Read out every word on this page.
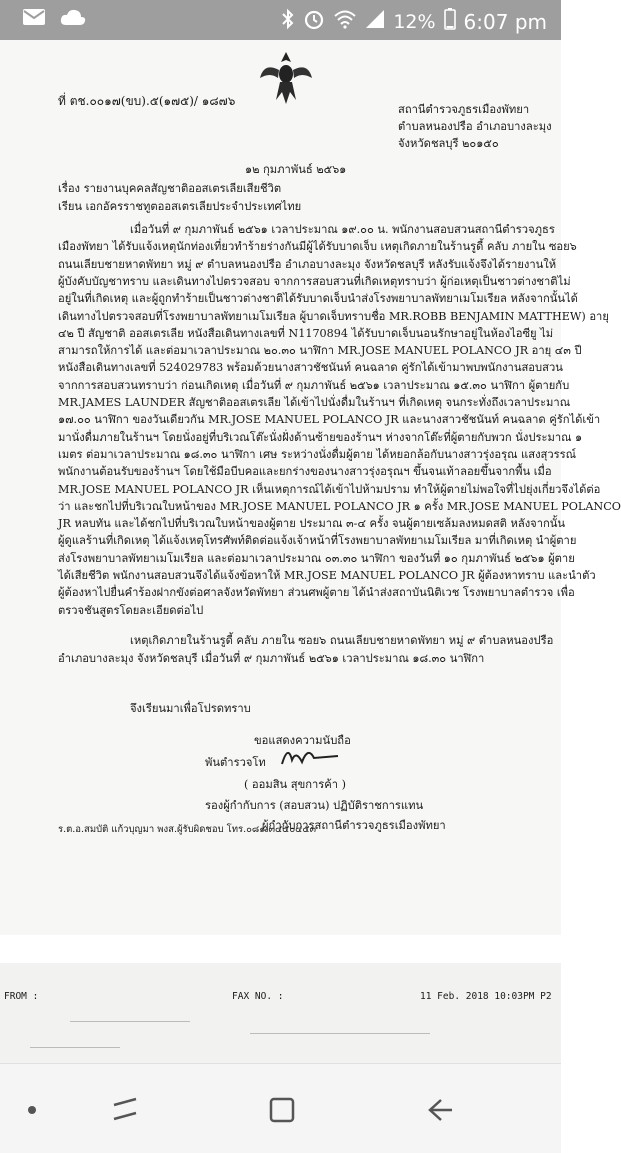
12% 6:07 pm
ที่ ตช.๐๐๑๗(ขบ).๕(๑๗๕)/ ๑๘๗๖
สถานีตำรวจภูธรเมืองพัทยา
ตำบลหนองปรือ อำเภอบางละมุง
จังหวัดชลบุรี ๒๐๑๕๐
๑๒ กุมภาพันธ์ ๒๕๖๑
เรื่อง รายงานบุคคลสัญชาติออสเตรเลียเสียชีวิต
เรียน เอกอัครราชทูตออสเตรเลียประจำประเทศไทย
เมื่อวันที่ ๙ กุมภาพันธ์ ๒๕๖๑ เวลาประมาณ ๑๙.๐๐ น. พนักงานสอบสวนสถานีตำรวจภูธร
เมืองพัทยา ได้รับแจ้งเหตุนักท่องเที่ยวทำร้ายร่างกันมีผู้ได้รับบาดเจ็บ เหตุเกิดภายในร้านรูดี้ คลับ ภายใน ซอย๖
ถนนเลียบชายหาดพัทยา หมู่ ๙ ตำบลหนองปรือ อำเภอบางละมุง จังหวัดชลบุรี หลังรับแจ้งจึงได้รายงานให้
ผู้บังคับบัญชาทราบ และเดินทางไปตรวจสอบ จากการสอบสวนที่เกิดเหตุทราบว่า ผู้ก่อเหตุเป็นชาวต่างชาติไม่
อยู่ในที่เกิดเหตุ และผู้ถูกทำร้ายเป็นชาวต่างชาติได้รับบาดเจ็บนำส่งโรงพยาบาลพัทยาเมโมเรียล หลังจากนั้นได้
เดินทางไปตรวจสอบที่โรงพยาบาลพัทยาเมโมเรียล ผู้บาดเจ็บทราบชื่อ MR.ROBB BENJAMIN MATTHEW) อายุ
๔๒ ปี สัญชาติ ออสเตรเลีย หนังสือเดินทางเลขที่ N1170894 ได้รับบาดเจ็บนอนรักษาอยู่ในห้องไอซียู ไม่
สามารถให้การได้ และต่อมาเวลาประมาณ ๒๐.๓๐ นาฬิกา MR.JOSE MANUEL POLANCO JR อายุ ๔๓ ปี
หนังสือเดินทางเลขที่ 524029783 พร้อมด้วยนางสาวชัชนันท์ คนฉลาด คู่รักได้เข้ามาพบพนักงานสอบสวน
จากการสอบสวนทราบว่า ก่อนเกิดเหตุ เมื่อวันที่ ๙ กุมภาพันธ์ ๒๕๖๑ เวลาประมาณ ๑๕.๓๐ นาฬิกา ผู้ตายกับ
MR.JAMES LAUNDER สัญชาติออสเตรเลีย ได้เข้าไปนั่งดื่มในร้านฯ ที่เกิดเหตุ จนกระทั่งถึงเวลาประมาณ
๑๗.๐๐ นาฬิกา ของวันเดียวกัน MR.JOSE MANUEL POLANCO JR และนางสาวชัชนันท์ คนฉลาด คู่รักได้เข้า
มานั่งดื่มภายในร้านฯ โดยนั่งอยู่ที่บริเวณโต๊ะนั่งฝั่งด้านซ้ายของร้านฯ ห่างจากโต๊ะที่ผู้ตายกับพวก นั่งประมาณ ๑
เมตร ต่อมาเวลาประมาณ ๑๘.๓๐ นาฬิกา เศษ ระหว่างนั่งดื่มผู้ตาย ได้หยอกล้อกับนางสาวรุ่งอรุณ แสงสุวรรณ์
พนักงานต้อนรับของร้านฯ โดยใช้มือบีบคอและยกร่างของนางสาวรุ่งอรุณฯ ขึ้นจนเท้าลอยขึ้นจากพื้น เมื่อ
MR.JOSE MANUEL POLANCO JR เห็นเหตุการณ์ได้เข้าไปห้ามปราม ทำให้ผู้ตายไม่พอใจที่ไปยุ่งเกี่ยวจึงได้ต่อ
ว่า และชกไปที่บริเวณใบหน้าของ MR.JOSE MANUEL POLANCO JR ๑ ครั้ง MR.JOSE MANUEL POLANCO
JR หลบทัน และได้ชกไปที่บริเวณใบหน้าของผู้ตาย ประมาณ ๓-๔ ครั้ง จนผู้ตายเซล้มลงหมดสติ หลังจากนั้น
ผู้ดูแลร้านที่เกิดเหตุ ได้แจ้งเหตุโทรศัพท์ติดต่อแจ้งเจ้าหน้าที่โรงพยาบาลพัทยาเมโมเรียล มาที่เกิดเหตุ นำผู้ตาย
ส่งโรงพยาบาลพัทยาเมโมเรียล และต่อมาเวลาประมาณ ๐๓.๓๐ นาฬิกา ของวันที่ ๑๐ กุมภาพันธ์ ๒๕๖๑ ผู้ตาย
ได้เสียชีวิต พนักงานสอบสวนจึงได้แจ้งข้อหาให้ MR.JOSE MANUEL POLANCO JR ผู้ต้องหาทราบ และนำตัว
ผู้ต้องหาไปยื่นคำร้องฝากขังต่อศาลจังหวัดพัทยา ส่วนศพผู้ตาย ได้นำส่งสถาบันนิติเวช โรงพยาบาลตำรวจ เพื่อ
ตรวจชันสูตรโดยละเอียดต่อไป
เหตุเกิดภายในร้านรูดี้ คลับ ภายใน ซอย๖ ถนนเลียบชายหาดพัทยา หมู่ ๙ ตำบลหนองปรือ
อำเภอบางละมุง จังหวัดชลบุรี เมื่อวันที่ ๙ กุมภาพันธ์ ๒๕๖๑ เวลาประมาณ ๑๘.๓๐ นาฬิกา
จึงเรียนมาเพื่อโปรดทราบ
ขอแสดงความนับถือ
พันตำรวจโท
( ออมสิน สุขการค้า )
รองผู้กำกับการ (สอบสวน) ปฏิบัติราชการแทน
ผู้กำกับการสถานีตำรวจภูธรเมืองพัทยา
ร.ต.อ.สมบัติ แก้วบุญมา พงส.ผู้รับผิดชอบ โทร.๐๘๑-๓๔๕๐๔๕๓
FROM :	FAX NO. :	11 Feb. 2018 10:03PM P2
